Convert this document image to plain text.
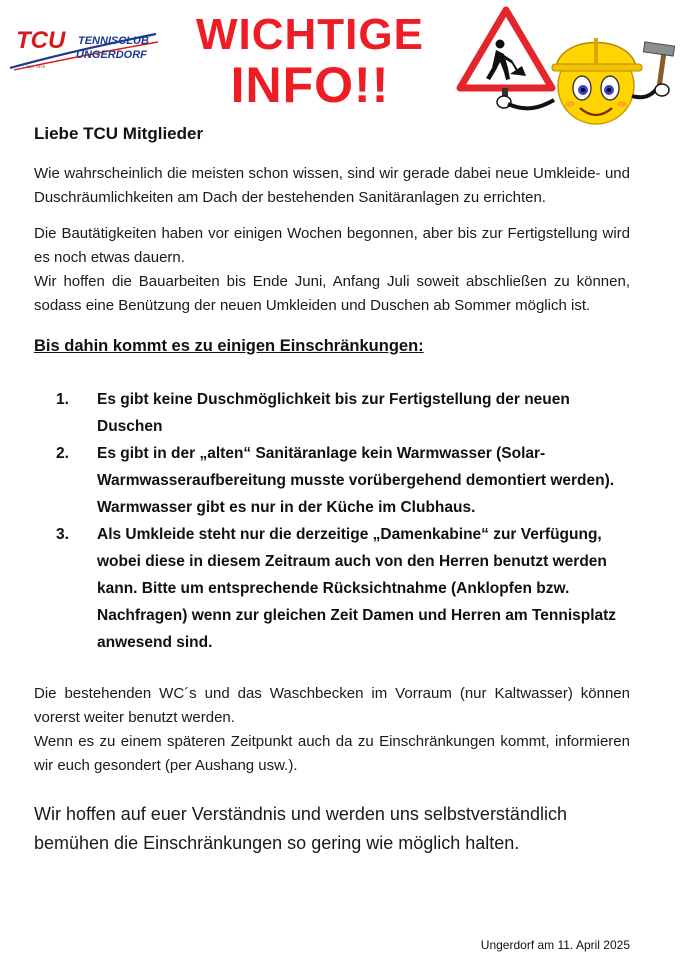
TCU TENNISCLUB
UNGERDORF
SEIT 1978
WICHTIGE
INFO!!
Liebe TCU Mitglieder

Wie wahrscheinlich die meisten schon wissen, sind wir gerade dabei neue Umkleide- und Duschräumlichkeiten am Dach der bestehenden Sanitäranlagen zu errichten.

Die Bautätigkeiten haben vor einigen Wochen begonnen, aber bis zur Fertigstellung wird es noch etwas dauern.

Wir hoffen die Bauarbeiten bis Ende Juni, Anfang Juli soweit abschließen zu können, sodass eine Benützung der neuen Umkleiden und Duschen ab Sommer möglich ist.

Bis dahin kommt es zu einigen Einschränkungen:
1. Es gibt keine Duschmöglichkeit bis zur Fertigstellung der neuen Duschen
2. Es gibt in der „alten“ Sanitäranlage kein Warmwasser (Solar-Warmwasseraufbereitung musste vorübergehend demontiert werden). Warmwasser gibt es nur in der Küche im Clubhaus.
3. Als Umkleide steht nur die derzeitige „Damenkabine“ zur Verfügung, wobei diese in diesem Zeitraum auch von den Herren benutzt werden kann. Bitte um entsprechende Rücksichtnahme (Anklopfen bzw. Nachfragen) wenn zur gleichen Zeit Damen und Herren am Tennisplatz anwesend sind.

Die bestehenden WC´s und das Waschbecken im Vorraum (nur Kaltwasser) können vorerst weiter benutzt werden.

Wenn es zu einem späteren Zeitpunkt auch da zu Einschränkungen kommt, informieren wir euch gesondert (per Aushang usw.).

Wir hoffen auf euer Verständnis und werden uns selbstverständlich bemühen die Einschränkungen so gering wie möglich halten.

Ungerdorf am 11. April 2025
